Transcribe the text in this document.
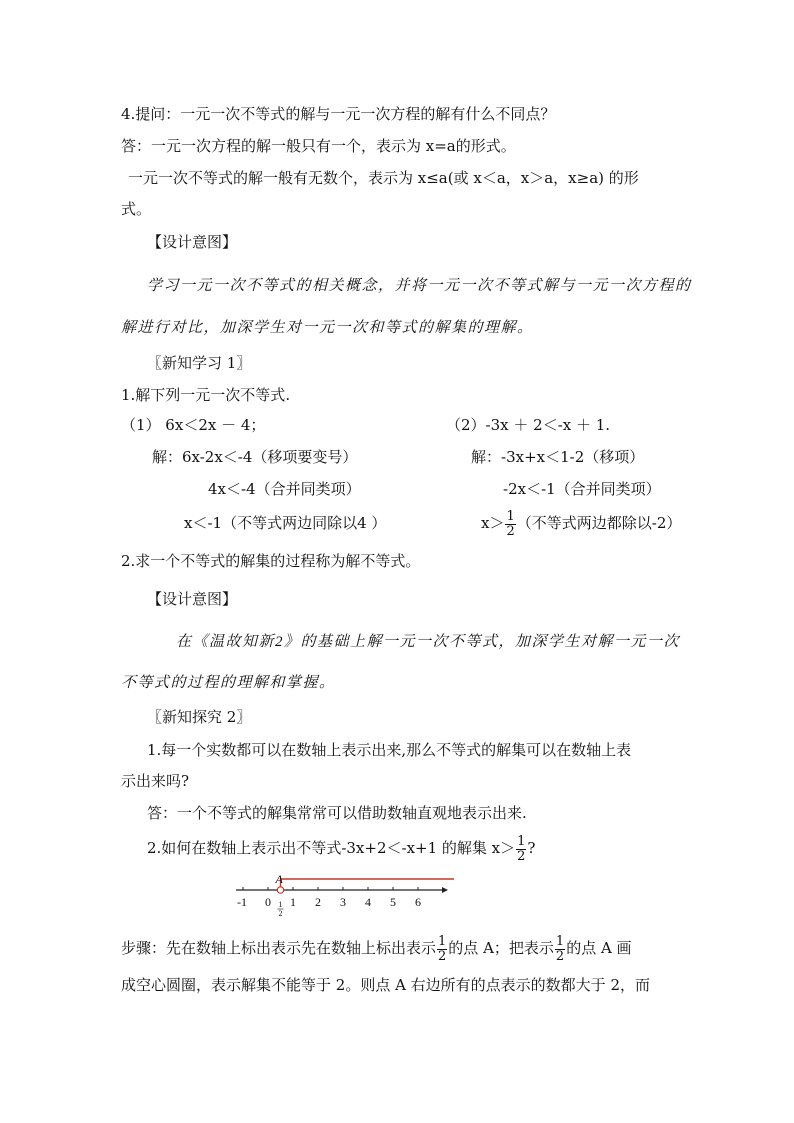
4.提问：一元一次不等式的解与一元一次方程的解有什么不同点？
答：一元一次方程的解一般只有一个，表示为 x=a的形式。
一元一次不等式的解一般有无数个，表示为 x≤a(或 x＜a，x＞a，x≥a) 的形
式。
【设计意图】
学习一元一次不等式的相关概念，并将一元一次不等式解与一元一次方程的
解进行对比，加深学生对一元一次和等式的解集的理解。
〖新知学习 1〗
1.解下列一元一次不等式.
（1） 6x＜2x － 4；	（2）-3x ＋ 2＜-x ＋ 1.
解：6x-2x＜-4（移项要变号）	解：-3x+x＜1-2（移项）
4x＜-4（合并同类项）	-2x＜-1（合并同类项）
x＜-1（不等式两边同除以4 ）	$x> \frac{1}{2}$ （不等式两边都除以-2）
2.求一个不等式的解集的过程称为解不等式。
【设计意图】
在《温故知新2》的基础上解一元一次不等式，加深学生对解一元一次
不等式的过程的理解和掌握。
〖新知探究 2〗
1.每一个实数都可以在数轴上表示出来,那么不等式的解集可以在数轴上表
示出来吗?
答：一个不等式的解集常常可以借助数轴直观地表示出来.
2.如何在数轴上表示出不等式-3x+2＜-x+1 的解集 $x> \frac{1}{2}$ ?
-1 0 1 2 3 4 5 6
A
1
2
步骤：先在数轴上标出表示先在数轴上标出表示 $\frac{1}{2}$ 的点 A；把表示 $\frac{1}{2}$ 的点 A 画
成空心圆圈，表示解集不能等于 2。则点 A 右边所有的点表示的数都大于 2，而
